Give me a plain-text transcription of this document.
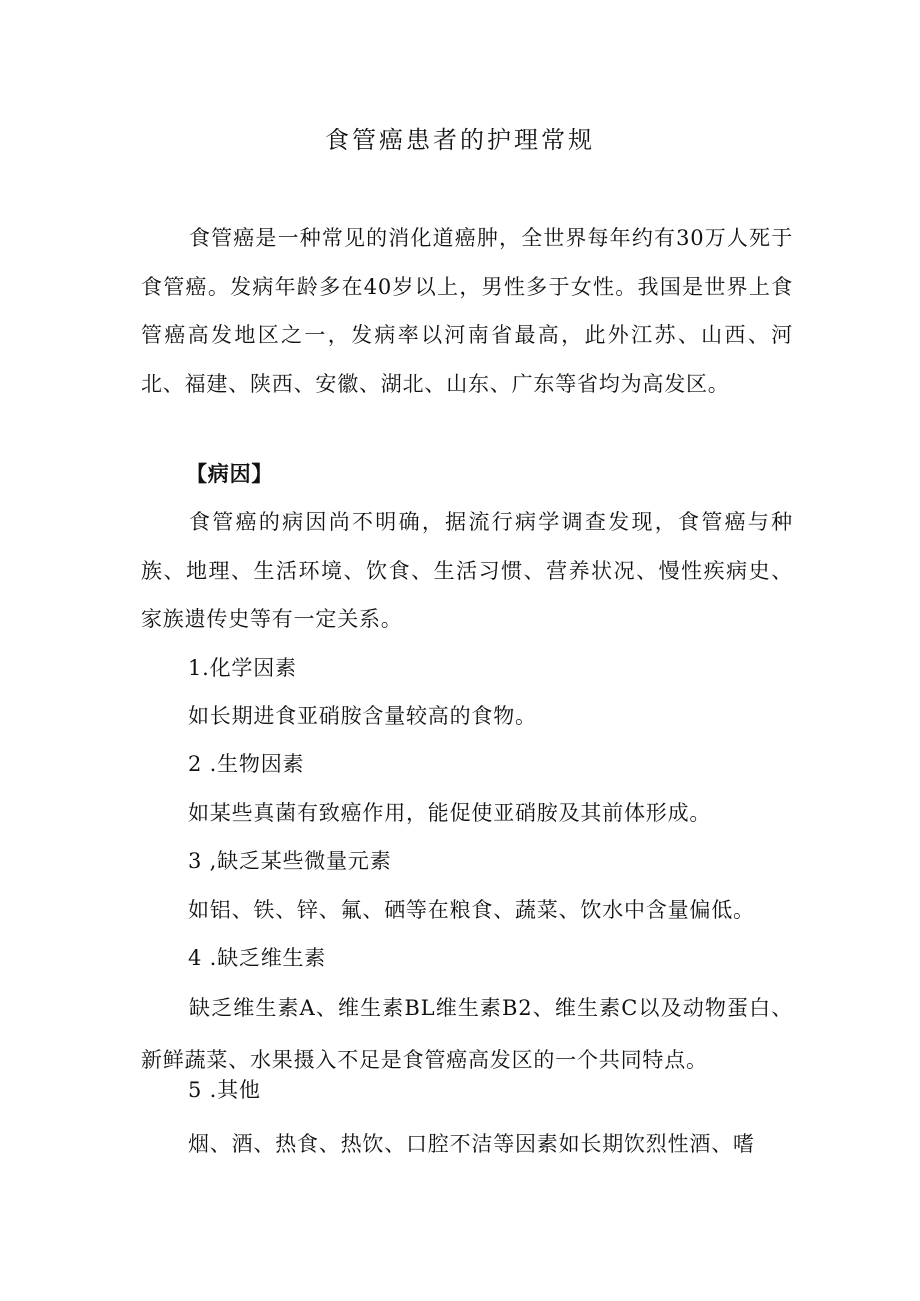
食管癌患者的护理常规

食管癌是一种常见的消化道癌肿，全世界每年约有30万人死于食管癌。发病年龄多在40岁以上，男性多于女性。我国是世界上食管癌高发地区之一，发病率以河南省最高，此外江苏、山西、河北、福建、陕西、安徽、湖北、山东、广东等省均为高发区。

【病因】

食管癌的病因尚不明确，据流行病学调查发现，食管癌与种族、地理、生活环境、饮食、生活习惯、营养状况、慢性疾病史、家族遗传史等有一定关系。

1.化学因素
如长期进食亚硝胺含量较高的食物。
2 .生物因素
如某些真菌有致癌作用，能促使亚硝胺及其前体形成。
3 ,缺乏某些微量元素
如铝、铁、锌、氟、硒等在粮食、蔬菜、饮水中含量偏低。
4 .缺乏维生素

缺乏维生素A、维生素BL维生素B2、维生素C以及动物蛋白、新鲜蔬菜、水果摄入不足是食管癌高发区的一个共同特点。

5 .其他
烟、酒、热食、热饮、口腔不洁等因素如长期饮烈性酒、嗜
